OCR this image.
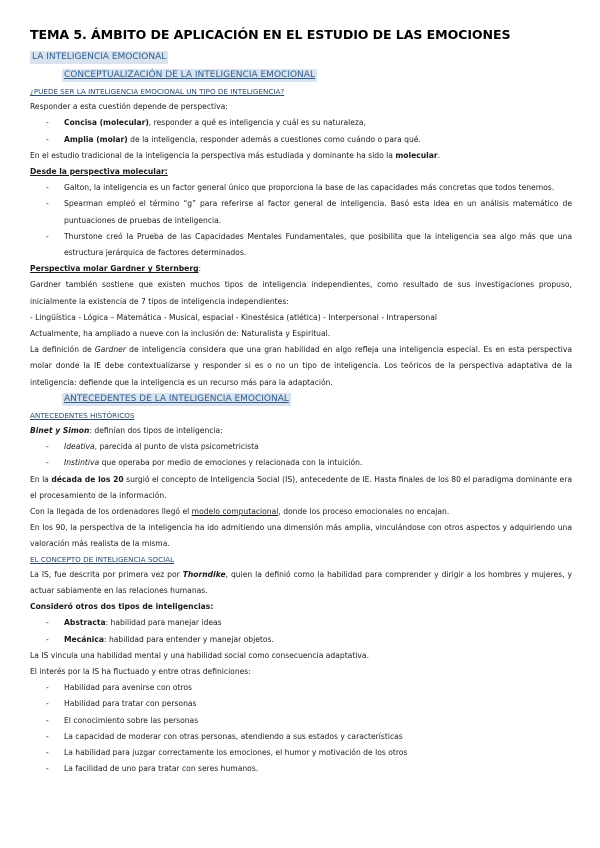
TEMA 5. ÁMBITO DE APLICACIÓN EN EL ESTUDIO DE LAS EMOCIONES
LA INTELIGENCIA EMOCIONAL
CONCEPTUALIZACIÓN DE LA INTELIGENCIA EMOCIONAL

¿PUEDE SER LA INTELIGENCIA EMOCIONAL UN TIPO DE INTELIGENCIA?

Responder a esta cuestión depende de perspectiva:

- Concisa (molecular), responder a qué es inteligencia y cuál es su naturaleza,
- Amplia (molar) de la inteligencia, responder además a cuestiones como cuándo o para qué.

En el estudio tradicional de la inteligencia la perspectiva más estudiada y dominante ha sido la molecular.

Desde la perspectiva molecular:

- Galton, la inteligencia es un factor general único que proporciona la base de las capacidades más concretas que todos tenemos.
- Spearman empleó el término “g” para referirse al factor general de inteligencia. Basó esta idea en un análisis matemático de puntuaciones de pruebas de inteligencia.
- Thurstone creó la Prueba de las Capacidades Mentales Fundamentales, que posibilita que la inteligencia sea algo más que una estructura jerárquica de factores determinados.

Perspectiva molar Gardner y Sternberg:

Gardner también sostiene que existen muchos tipos de inteligencia independientes, como resultado de sus investigaciones propuso, inicialmente la existencia de 7 tipos de inteligencia independientes:

- Lingüística - Lógica – Matemática - Musical, espacial - Kinestésica (atlética) - Interpersonal - Intrapersonal

Actualmente, ha ampliado a nueve con la inclusión de: Naturalista y Espiritual.

La definición de Gardner de inteligencia considera que una gran habilidad en algo refleja una inteligencia especial. Es en esta perspectiva molar donde la IE debe contextualizarse y responder si es o no un tipo de inteligencia. Los teóricos de la perspectiva adaptativa de la inteligencia: defiende que la inteligencia es un recurso más para la adaptación.

ANTECEDENTES DE LA INTELIGENCIA EMOCIONAL

ANTECEDENTES HISTÓRICOS

Binet y Simon: definían dos tipos de inteligencia:

- Ideativa, parecida al punto de vista psicometricista
- Instintiva que operaba por medio de emociones y relacionada con la intuición.

En la década de los 20 surgió el concepto de Inteligencia Social (IS), antecedente de IE. Hasta finales de los 80 el paradigma dominante era el procesamiento de la información.

Con la llegada de los ordenadores llegó el modelo computacional, donde los proceso emocionales no encajan.

En los 90, la perspectiva de la inteligencia ha ido admitiendo una dimensión más amplia, vinculándose con otros aspectos y adquiriendo una valoración más realista de la misma.

EL CONCEPTO DE INTELIGENCIA SOCIAL

La IS, fue descrita por primera vez por Thorndike, quien la definió como la habilidad para comprender y dirigir a los hombres y mujeres, y actuar sabiamente en las relaciones humanas.

Consideró otros dos tipos de inteligencias:

- Abstracta: habilidad para manejar ideas
- Mecánica: habilidad para entender y manejar objetos.

La IS vincula una habilidad mental y una habilidad social como consecuencia adaptativa.

El interés por la IS ha fluctuado y entre otras definiciones:

- Habilidad para avenirse con otros
- Habilidad para tratar con personas
- El conocimiento sobre las personas
- La capacidad de moderar con otras personas, atendiendo a sus estados y características
- La habilidad para juzgar correctamente los emociones, el humor y motivación de los otros
- La facilidad de uno para tratar con seres humanos.
